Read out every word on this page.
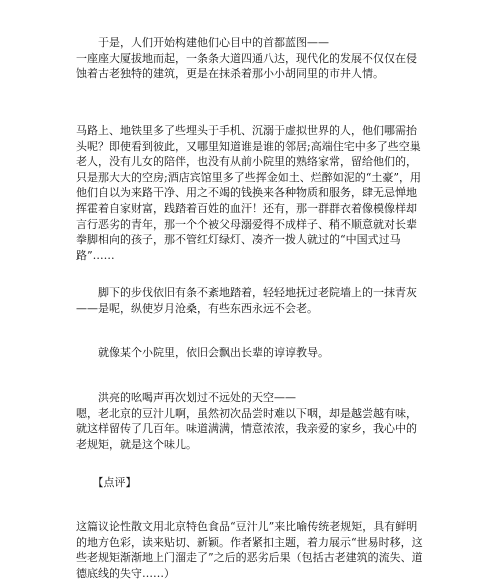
　　于是，人们开始构建他们心目中的首都蓝图——
一座座大厦拔地而起，一条条大道四通八达，现代化的发展不仅仅在侵蚀着古老独特的建筑，更是在抹杀着那小小胡同里的市井人情。

马路上、地铁里多了些埋头于手机、沉溺于虚拟世界的人，他们哪需抬头呢？即使看到彼此，又哪里知道谁是谁的邻居;高端住宅中多了些空巢老人，没有儿女的陪伴，也没有从前小院里的熟络家常，留给他们的，只是那大大的空房;酒店宾馆里多了些挥金如土、烂醉如泥的“土豪”，用他们自以为来路干净、用之不竭的钱换来各种物质和服务，肆无忌惮地挥霍着自家财富，践踏着百姓的血汗！还有，那一群群衣着像模像样却言行恶劣的青年，那一个个被父母溺爱得不成样子、稍不顺意就对长辈拳脚相向的孩子，那不管红灯绿灯、凑齐一拨人就过的“中国式过马路”……

　　脚下的步伐依旧有条不紊地踏着，轻轻地抚过老院墙上的一抹青灰——是呢，纵使岁月沧桑，有些东西永远不会老。

　　就像某个小院里，依旧会飘出长辈的谆谆教导。

　　洪亮的吆喝声再次划过不远处的天空——
嗯，老北京的豆汁儿啊，虽然初次品尝时难以下咽，却是越尝越有味，就这样留传了几百年。味道满满，情意浓浓，我亲爱的家乡，我心中的老规矩，就是这个味儿。

　　【点评】

这篇议论性散文用北京特色食品“豆汁儿”来比喻传统老规矩，具有鲜明的地方色彩，读来贴切、新颖。作者紧扣主题，着力展示“世易时移，这些老规矩渐渐地上门溜走了”之后的恶劣后果（包括古老建筑的流失、道德底线的失守……）
